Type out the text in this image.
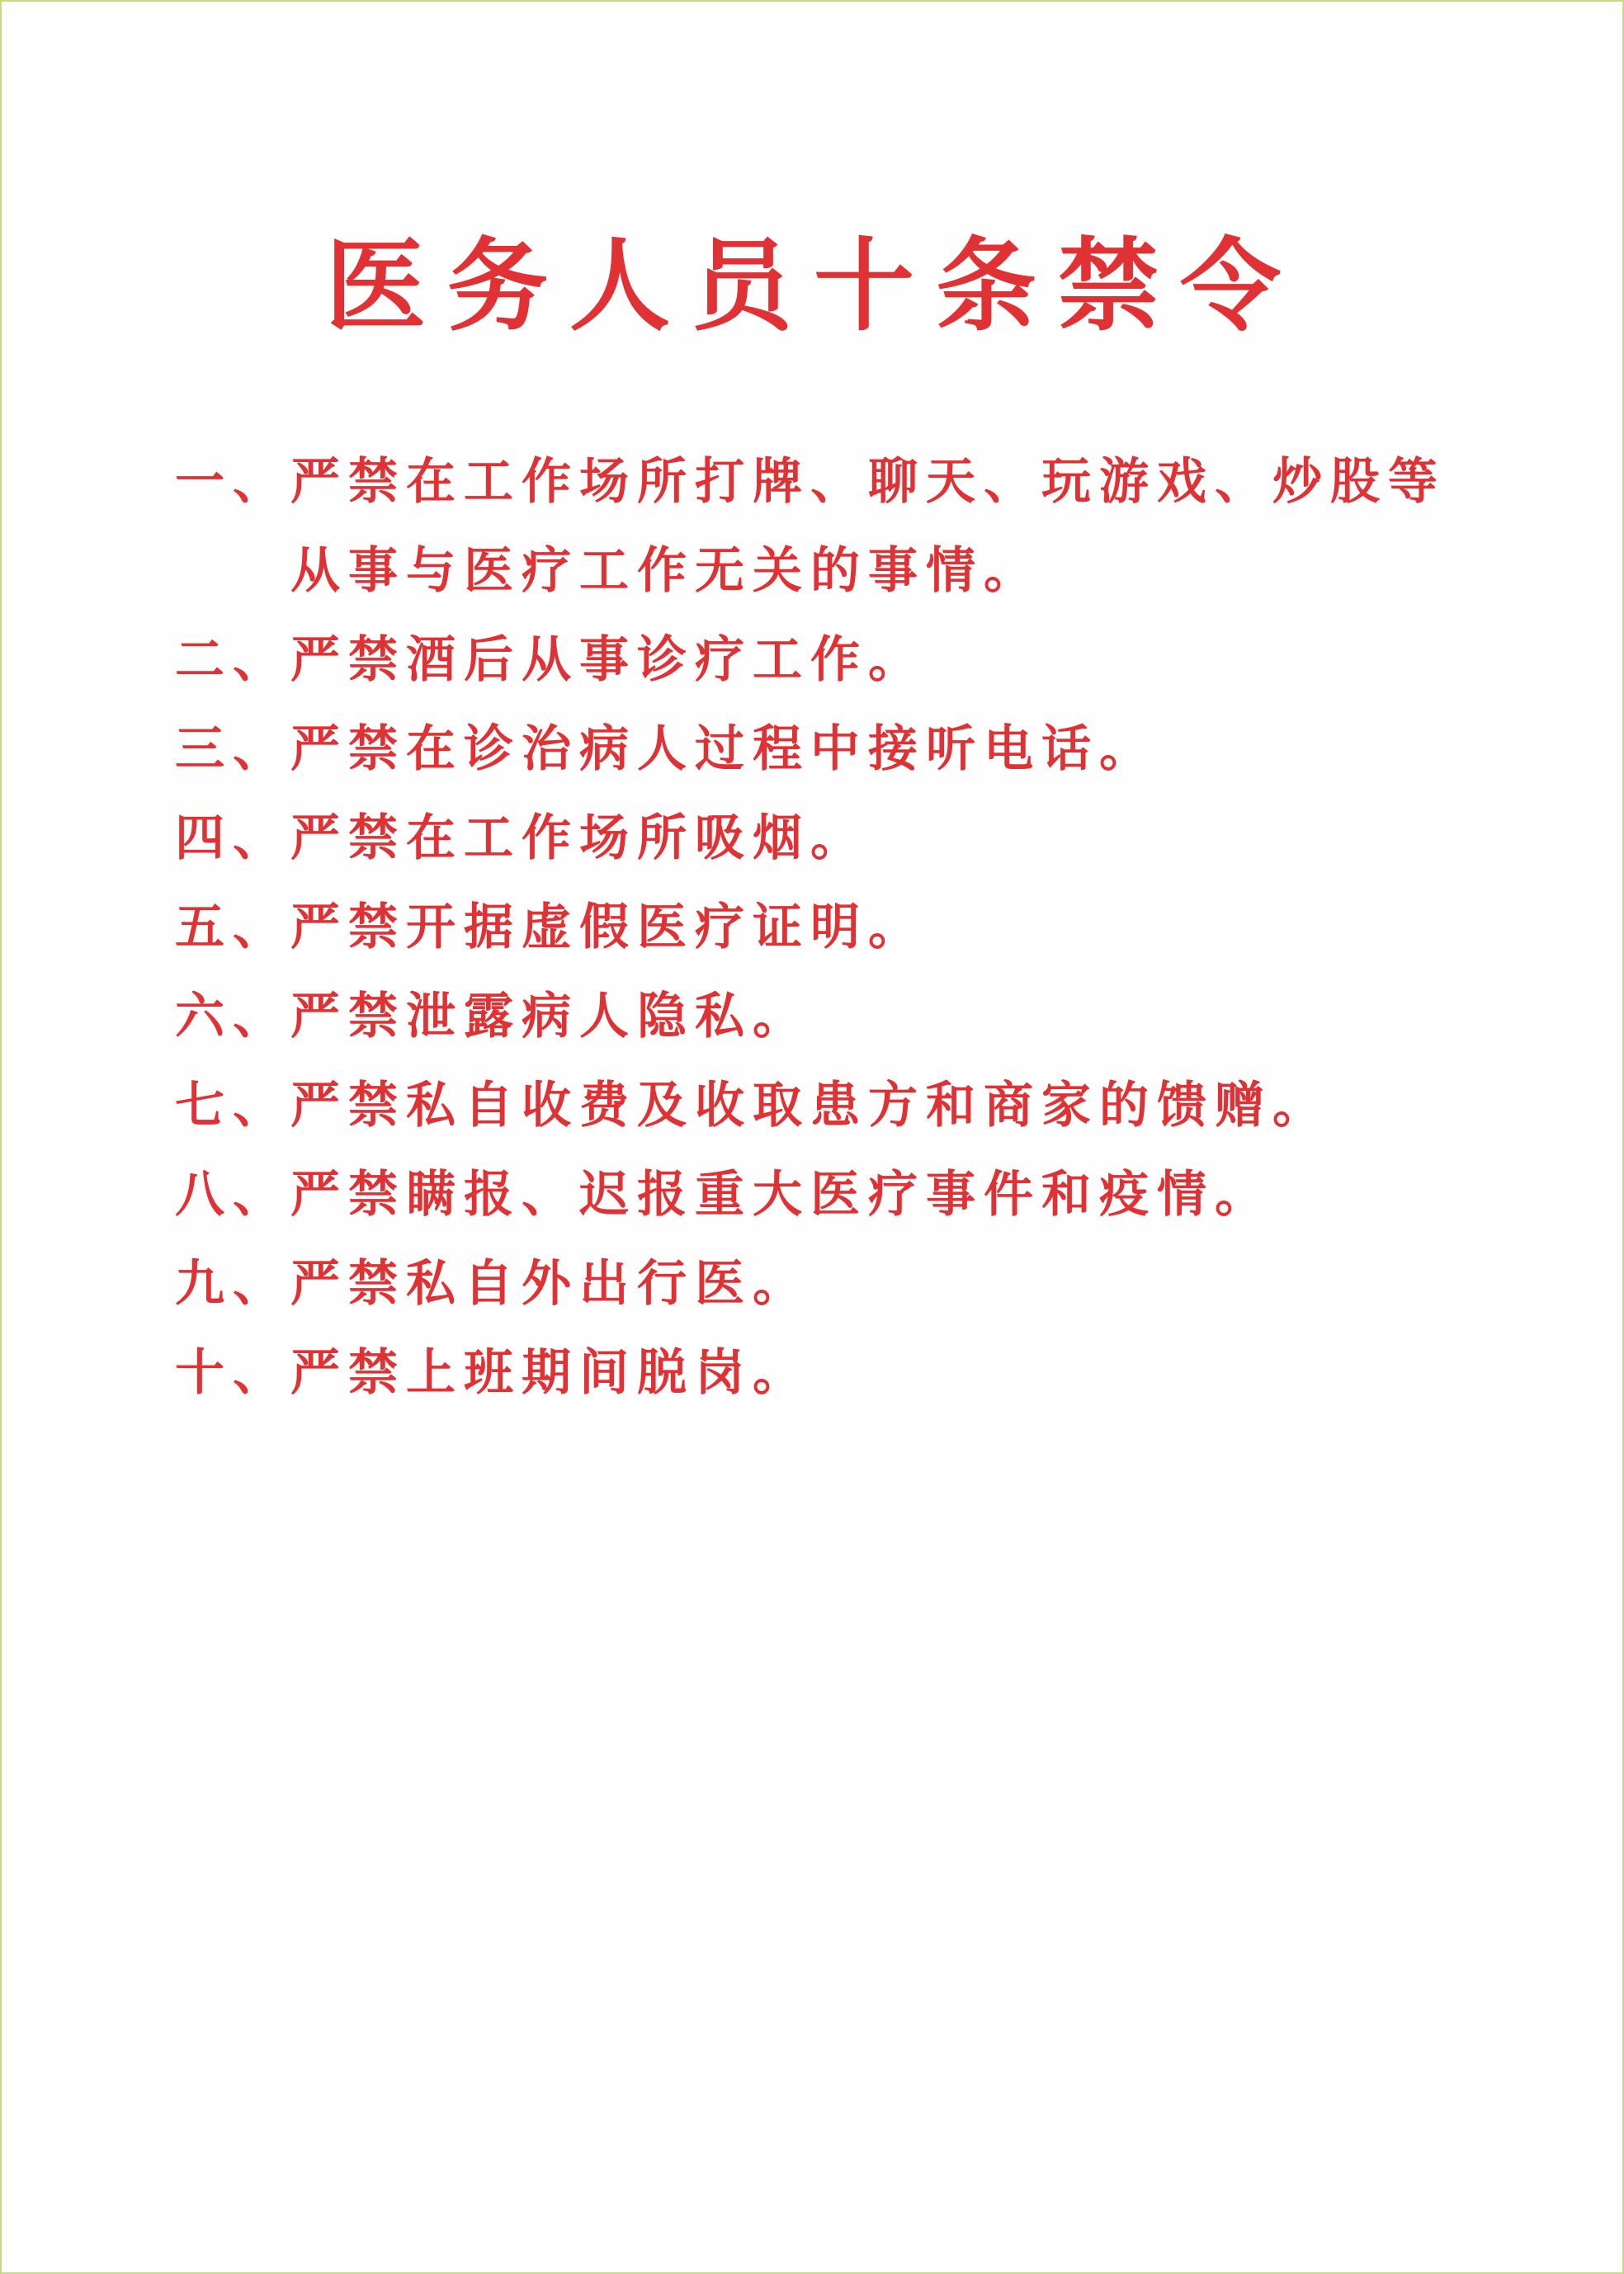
医务人员十条禁令
一、 严禁在工作场所打牌、聊天、玩游戏、炒股等
从事与医疗工作无关的事情。
二、 严禁酒后从事诊疗工作。
三、 严禁在诊治病人过程中接听电话。
四、 严禁在工作场所吸烟。
五、 严禁开据虚假医疗证明。
六、 严禁泄露病人隐私。
七、 严禁私自收费及收取患方和商家的馈赠。
八、 严禁瞒报、迟报重大医疗事件和疫情。
九、 严禁私自外出行医。
十、 严禁上班期间脱岗。
